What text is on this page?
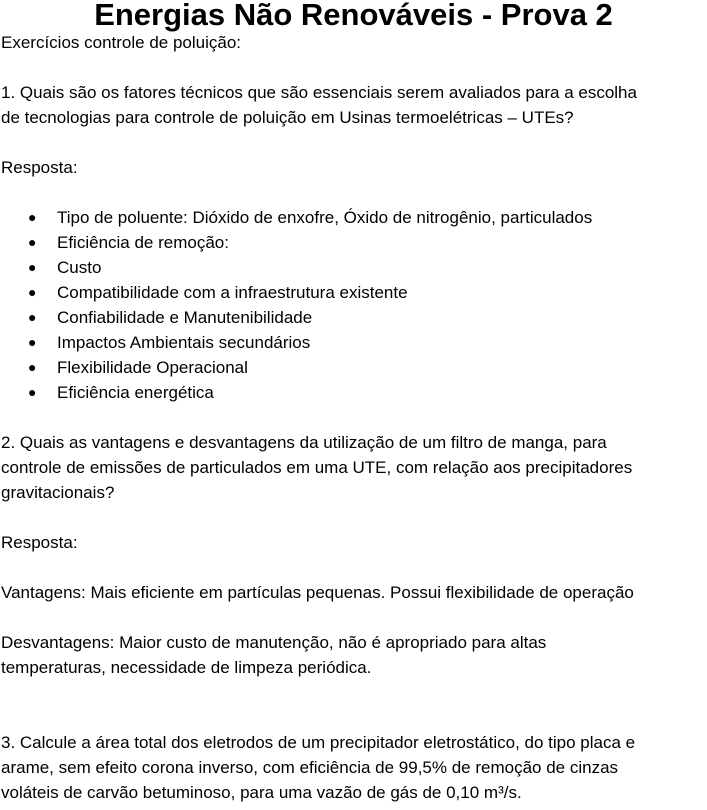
Energias Não Renováveis - Prova 2
Exercícios controle de poluição:
1. Quais são os fatores técnicos que são essenciais serem avaliados para a escolha
de tecnologias para controle de poluição em Usinas termoelétricas – UTEs?
Resposta:
● Tipo de poluente: Dióxido de enxofre, Óxido de nitrogênio, particulados
● Eficiência de remoção:
● Custo
● Compatibilidade com a infraestrutura existente
● Confiabilidade e Manutenibilidade
● Impactos Ambientais secundários
● Flexibilidade Operacional
● Eficiência energética
2. Quais as vantagens e desvantagens da utilização de um filtro de manga, para
controle de emissões de particulados em uma UTE, com relação aos precipitadores
gravitacionais?
Resposta:
Vantagens: Mais eficiente em partículas pequenas. Possui flexibilidade de operação
Desvantagens: Maior custo de manutenção, não é apropriado para altas
temperaturas, necessidade de limpeza periódica.
3. Calcule a área total dos eletrodos de um precipitador eletrostático, do tipo placa e
arame, sem efeito corona inverso, com eficiência de 99,5% de remoção de cinzas
voláteis de carvão betuminoso, para uma vazão de gás de 0,10 m³/s.
